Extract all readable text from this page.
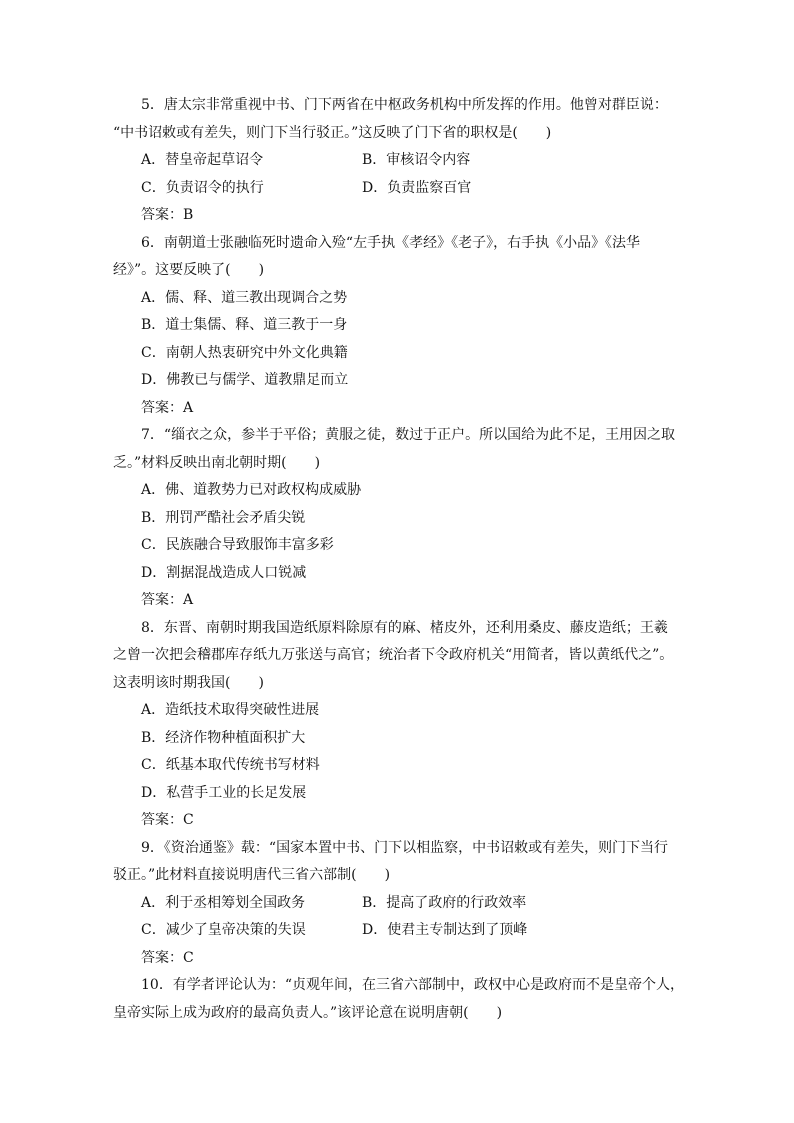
5．唐太宗非常重视中书、门下两省在中枢政务机构中所发挥的作用。他曾对群臣说：
“中书诏敕或有差失，则门下当行驳正。”这反映了门下省的职权是(　　)

A．替皇帝起草诏令	B．审核诏令内容
C．负责诏令的执行	D．负责监察百官
答案：B

6．南朝道士张融临死时遗命入殓“左手执《孝经》《老子》，右手执《小品》《法华
经》”。这要反映了(　　)

A．儒、释、道三教出现调合之势
B．道士集儒、释、道三教于一身
C．南朝人热衷研究中外文化典籍
D．佛教已与儒学、道教鼎足而立
答案：A

7．“缁衣之众，参半于平俗；黄服之徒，数过于正户。所以国给为此不足，王用因之取
乏。”材料反映出南北朝时期(　　)

A．佛、道教势力已对政权构成威胁
B．刑罚严酷社会矛盾尖锐
C．民族融合导致服饰丰富多彩
D．割据混战造成人口锐减
答案：A

8．东晋、南朝时期我国造纸原料除原有的麻、楮皮外，还利用桑皮、藤皮造纸；王羲
之曾一次把会稽郡库存纸九万张送与高官；统治者下令政府机关“用简者，皆以黄纸代之”。
这表明该时期我国(　　)

A．造纸技术取得突破性进展
B．经济作物种植面积扩大
C．纸基本取代传统书写材料
D．私营手工业的长足发展
答案：C

9．《资治通鉴》载：“国家本置中书、门下以相监察，中书诏敕或有差失，则门下当行
驳正。”此材料直接说明唐代三省六部制(　　)

A．利于丞相筹划全国政务	B．提高了政府的行政效率
C．减少了皇帝决策的失误	D．使君主专制达到了顶峰
答案：C

10．有学者评论认为：“贞观年间，在三省六部制中，政权中心是政府而不是皇帝个人，
皇帝实际上成为政府的最高负责人。”该评论意在说明唐朝(　　)
